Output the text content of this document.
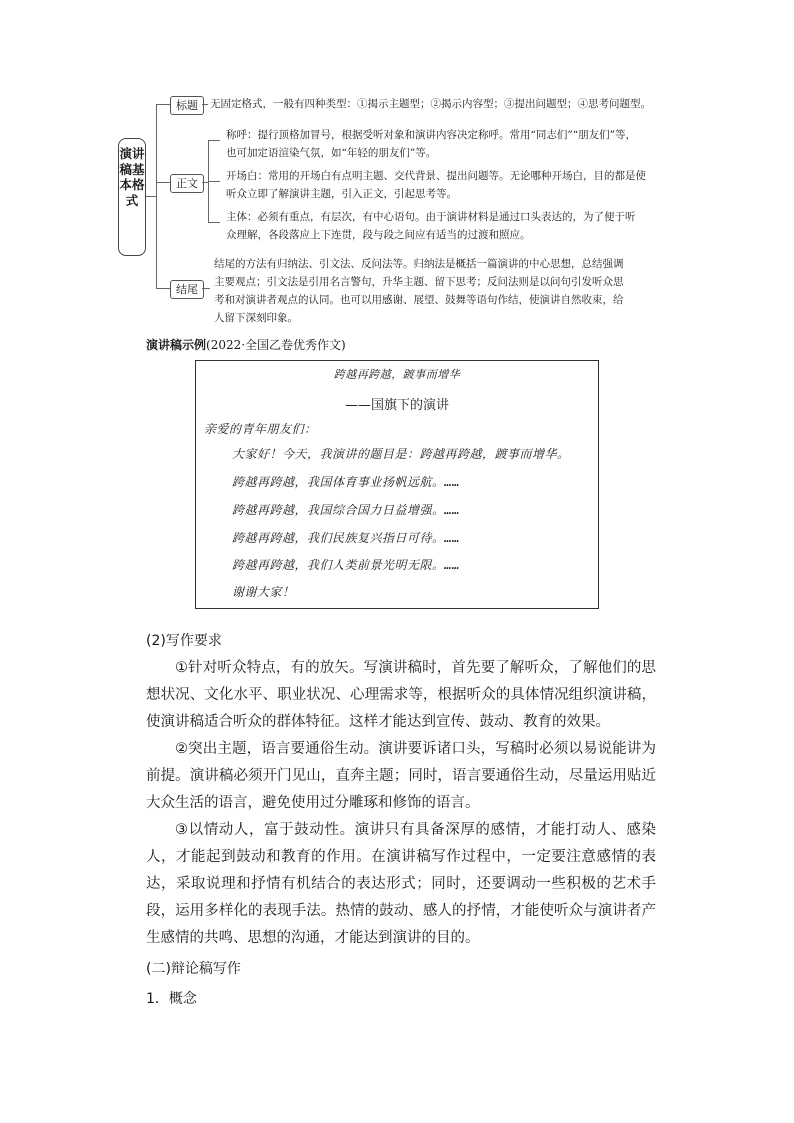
演讲稿基本格式
标题	无固定格式，一般有四种类型：①揭示主题型；②揭示内容型；③提出问题型；④思考问题型。
正文
称呼：提行顶格加冒号，根据受听对象和演讲内容决定称呼。常用“同志们”“朋友们”等，
也可加定语渲染气氛，如“年轻的朋友们”等。
开场白：常用的开场白有点明主题、交代背景、提出问题等。无论哪种开场白，目的都是使
听众立即了解演讲主题，引入正文，引起思考等。
主体：必须有重点，有层次，有中心语句。由于演讲材料是通过口头表达的，为了便于听
众理解，各段落应上下连贯，段与段之间应有适当的过渡和照应。
结尾
结尾的方法有归纳法、引文法、反问法等。归纳法是概括一篇演讲的中心思想，总结强调
主要观点；引文法是引用名言警句，升华主题、留下思考；反问法则是以问句引发听众思
考和对演讲者观点的认同。也可以用感谢、展望、鼓舞等语句作结，使演讲自然收束，给
人留下深刻印象。
演讲稿示例(2022·全国乙卷优秀作文)
跨越再跨越，踱事而增华
——国旗下的演讲
亲爱的青年朋友们：
大家好！今天，我演讲的题目是：跨越再跨越，踱事而增华。
跨越再跨越，我国体育事业扬帆远航。……
跨越再跨越，我国综合国力日益增强。……
跨越再跨越，我们民族复兴指日可待。……
跨越再跨越，我们人类前景光明无限。……
谢谢大家！
(2)写作要求
①针对听众特点，有的放矢。写演讲稿时，首先要了解听众，了解他们的思想状况、文化水平、职业状况、心理需求等，根据听众的具体情况组织演讲稿，使演讲稿适合听众的群体特征。这样才能达到宣传、鼓动、教育的效果。
②突出主题，语言要通俗生动。演讲要诉诸口头，写稿时必须以易说能讲为前提。演讲稿必须开门见山，直奔主题；同时，语言要通俗生动，尽量运用贴近大众生活的语言，避免使用过分雕琢和修饰的语言。
③以情动人，富于鼓动性。演讲只有具备深厚的感情，才能打动人、感染人，才能起到鼓动和教育的作用。在演讲稿写作过程中，一定要注意感情的表达，采取说理和抒情有机结合的表达形式；同时，还要调动一些积极的艺术手段，运用多样化的表现手法。热情的鼓动、感人的抒情，才能使听众与演讲者产生感情的共鸣、思想的沟通，才能达到演讲的目的。
(二)辩论稿写作
1．概念
